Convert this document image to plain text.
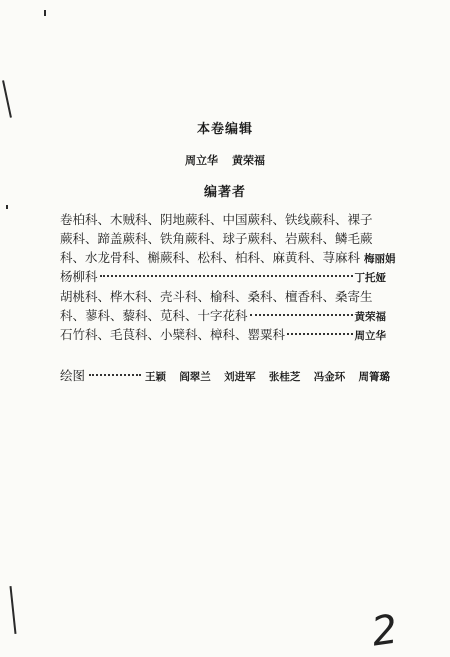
本卷编辑
周立华 黄荣福
编著者
卷柏科、木贼科、阴地蕨科、中国蕨科、铁线蕨科、裸子
蕨科、蹄盖蕨科、铁角蕨科、球子蕨科、岩蕨科、鳞毛蕨
科、水龙骨科、槲蕨科、松科、柏科、麻黄科、荨麻科 梅丽娟
杨柳科	丁托娅
胡桃科、桦木科、壳斗科、榆科、桑科、檀香科、桑寄生
科、蓼科、藜科、苋科、十字花科	黄荣福
石竹科、毛茛科、小檗科、樟科、罂粟科	周立华
绘图	王颖 阎翠兰 刘进军 张桂芝 冯金环 周箐璐
2
